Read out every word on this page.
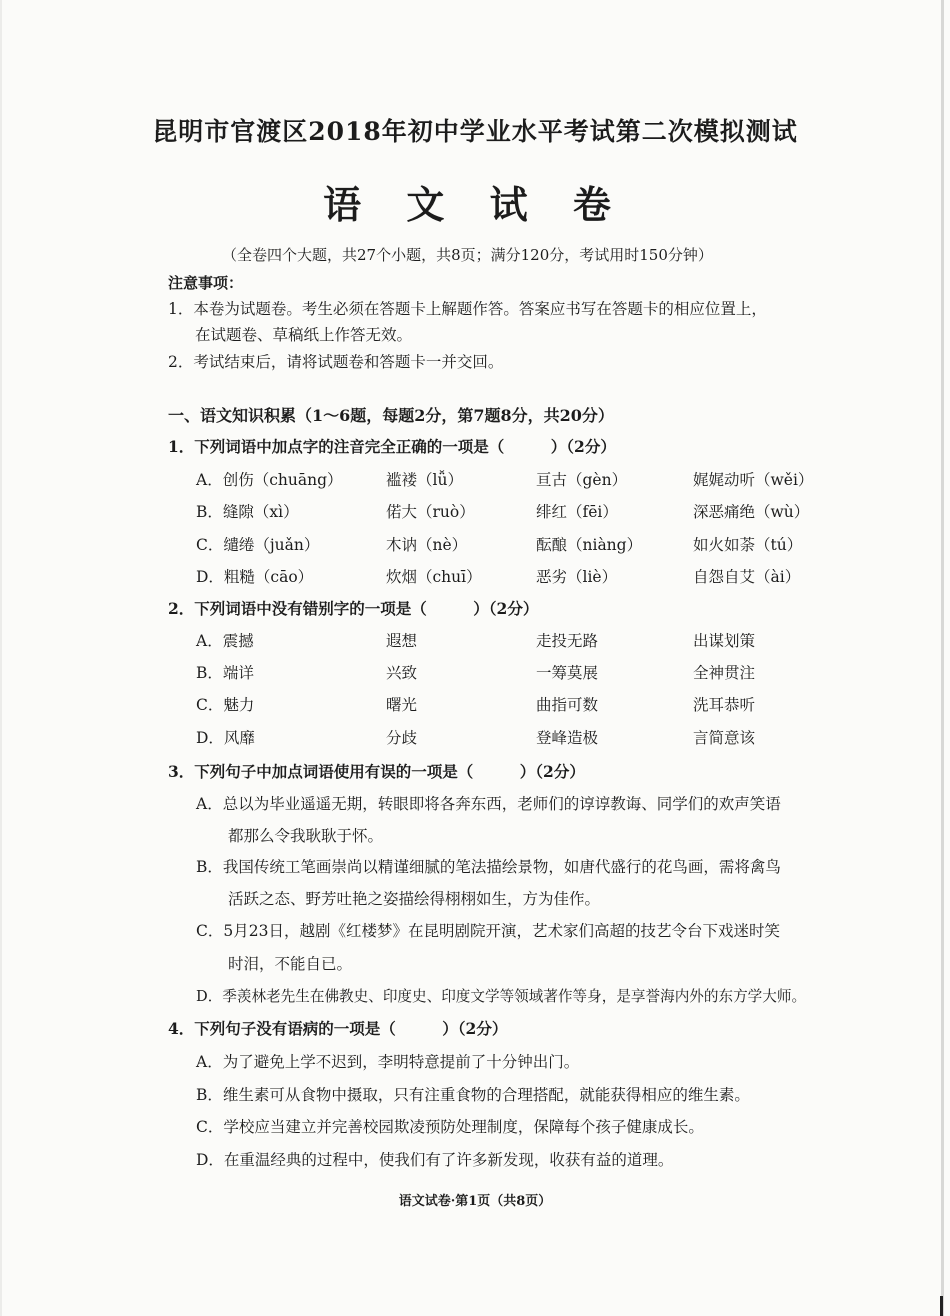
昆明市官渡区2018年初中学业水平考试第二次模拟测试
语 文 试 卷
（全卷四个大题，共27个小题，共8页；满分120分，考试用时150分钟）
注意事项：
1．本卷为试题卷。考生必须在答题卡上解题作答。答案应书写在答题卡的相应位置上，
在试题卷、草稿纸上作答无效。
2．考试结束后，请将试题卷和答题卡一并交回。
一、语文知识积累（1～6题，每题2分，第7题8分，共20分）
1．下列词语中加点字的注音完全正确的一项是（　　　）（2分）
A．创伤（chuāng）	褴褛（lǚ）	亘古（gèn）	娓娓动听（wěi）
B．缝隙（xì）	偌大（ruò）	绯红（fēi）	深恶痛绝（wù）
C．缱绻（juǎn）	木讷（nè）	酝酿（niàng）	如火如荼（tú）
D．粗糙（cāo）	炊烟（chuī）	恶劣（liè）	自怨自艾（ài）
2．下列词语中没有错别字的一项是（　　　）（2分）
A．震撼	遐想	走投无路	出谋划策
B．端详	兴致	一筹莫展	全神贯注
C．魅力	曙光	曲指可数	洗耳恭听
D．风靡	分歧	登峰造极	言简意该
3．下列句子中加点词语使用有误的一项是（　　　）（2分）
A．总以为毕业遥遥无期，转眼即将各奔东西，老师们的谆谆教诲、同学们的欢声笑语
都那么令我耿耿于怀。
B．我国传统工笔画崇尚以精谨细腻的笔法描绘景物，如唐代盛行的花鸟画，需将禽鸟
活跃之态、野芳吐艳之姿描绘得栩栩如生，方为佳作。
C．5月23日，越剧《红楼梦》在昆明剧院开演，艺术家们高超的技艺令台下戏迷时笑
时泪，不能自已。
D．季羡林老先生在佛教史、印度史、印度文学等领域著作等身，是享誉海内外的东方学大师。
4．下列句子没有语病的一项是（　　　）（2分）
A．为了避免上学不迟到，李明特意提前了十分钟出门。
B．维生素可从食物中摄取，只有注重食物的合理搭配，就能获得相应的维生素。
C．学校应当建立并完善校园欺凌预防处理制度，保障每个孩子健康成长。
D．在重温经典的过程中，使我们有了许多新发现，收获有益的道理。
语文试卷·第1页（共8页）
